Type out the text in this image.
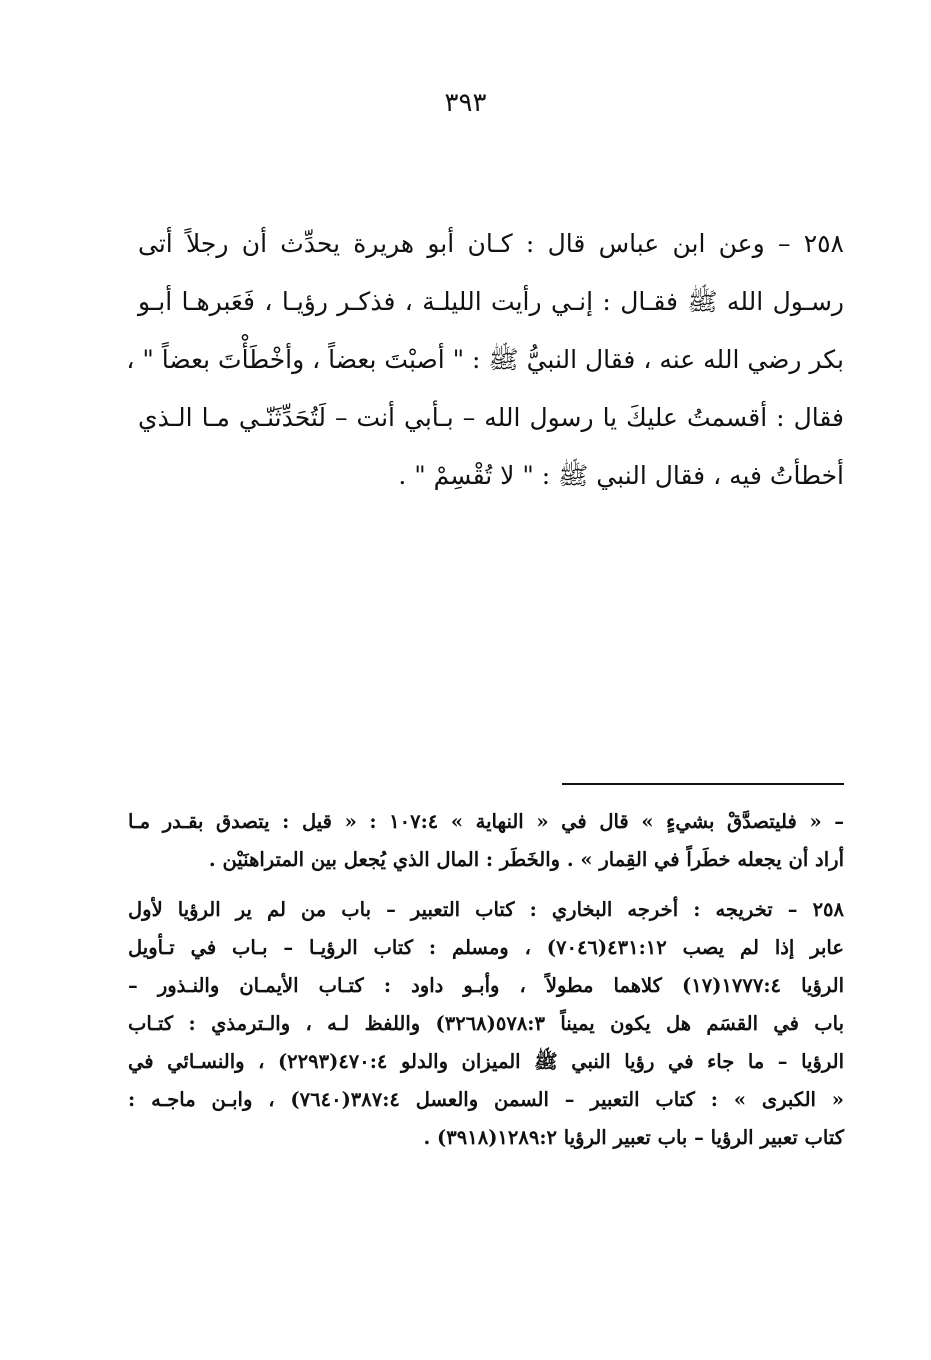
٣٩٣
٢٥٨ – وعن ابن عباس قال : كـان أبو هريرة يحدِّث أن رجلاً أتى
رسـول الله ﷺ فقـال : إنـي رأيت الليلـة ، فذكـر رؤيـا ، فَعَبرهـا أبـو
بكر رضي الله عنه ، فقال النبيُّ ﷺ : " أصبْتَ بعضاً ، وأخْطَأْتَ بعضاً " ،
فقال : أقسمتُ عليكَ يا رسول الله – بـأبي أنت – لَتُحَدِّثَنّـي مـا الـذي
أخطأتُ فيه ، فقال النبي ﷺ : " لا تُقْسِمْ " .
– « فليتصدَّقْ بشيءٍ » قال في « النهاية » ١٠٧:٤ : « قيل : يتصدق بقـدر مـا
أراد أن يجعله خطَراً في القِمار » . والخَطَر : المال الذي يُجعل بين المتراهنَيْن .
٢٥٨ – تخريجه : أخرجه البخاري : كتاب التعبير – باب من لم ير الرؤيا لأول
عابر إذا لم يصب ٤٣١:١٢(٧٠٤٦) ، ومسلم : كتاب الرؤيـا – بـاب في تـأويل
الرؤيا ١٧٧٧:٤(١٧) كلاهما مطولاً ، وأبـو داود : كتـاب الأيمـان والنـذور –
باب في القسَم هل يكون يميناً ٥٧٨:٣(٣٢٦٨) واللفظ لـه ، والـترمذي : كتـاب
الرؤيا – ما جاء في رؤيا النبي ﷺ الميزان والدلو ٤٧٠:٤(٢٢٩٣) ، والنسـائي في
« الكبرى » : كتاب التعبير – السمن والعسل ٣٨٧:٤(٧٦٤٠) ، وابـن ماجـه :
كتاب تعبير الرؤيا – باب تعبير الرؤيا ١٢٨٩:٢(٣٩١٨) .
